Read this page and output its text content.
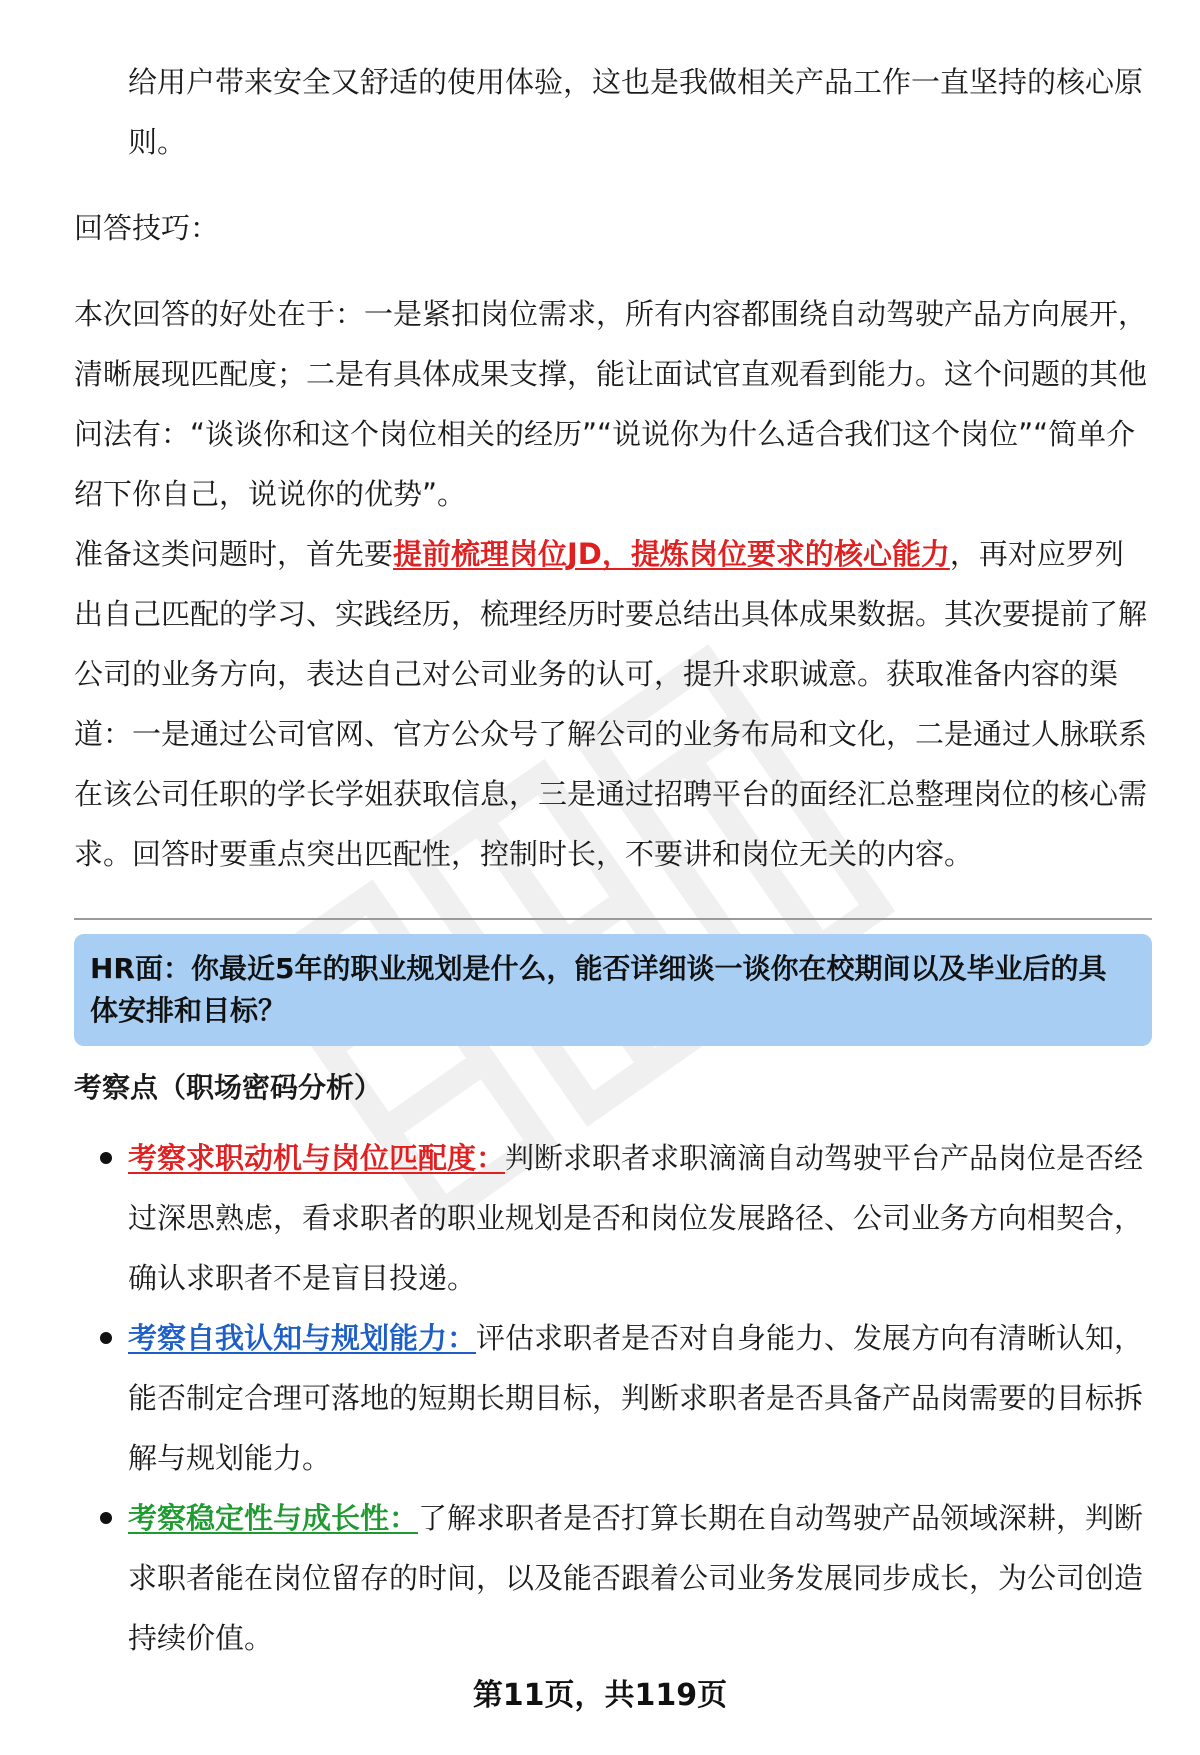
给用户带来安全又舒适的使用体验，这也是我做相关产品工作一直坚持的核心原则。

回答技巧：

本次回答的好处在于：一是紧扣岗位需求，所有内容都围绕自动驾驶产品方向展开，清晰展现匹配度；二是有具体成果支撑，能让面试官直观看到能力。这个问题的其他问法有：“谈谈你和这个岗位相关的经历”“说说你为什么适合我们这个岗位”“简单介绍下你自己，说说你的优势”。

准备这类问题时，首先要提前梳理岗位JD，提炼岗位要求的核心能力，再对应罗列出自己匹配的学习、实践经历，梳理经历时要总结出具体成果数据。其次要提前了解公司的业务方向，表达自己对公司业务的认可，提升求职诚意。获取准备内容的渠道：一是通过公司官网、官方公众号了解公司的业务布局和文化，二是通过人脉联系在该公司任职的学长学姐获取信息，三是通过招聘平台的面经汇总整理岗位的核心需求。回答时要重点突出匹配性，控制时长，不要讲和岗位无关的内容。

HR面：你最近5年的职业规划是什么，能否详细谈一谈你在校期间以及毕业后的具体安排和目标？
考察点（职场密码分析）
考察求职动机与岗位匹配度：判断求职者求职滴滴自动驾驶平台产品岗位是否经过深思熟虑，看求职者的职业规划是否和岗位发展路径、公司业务方向相契合，确认求职者不是盲目投递。
考察自我认知与规划能力：评估求职者是否对自身能力、发展方向有清晰认知，能否制定合理可落地的短期长期目标，判断求职者是否具备产品岗需要的目标拆解与规划能力。
考察稳定性与成长性：了解求职者是否打算长期在自动驾驶产品领域深耕，判断求职者能在岗位留存的时间，以及能否跟着公司业务发展同步成长，为公司创造持续价值。
第11页，共119页
